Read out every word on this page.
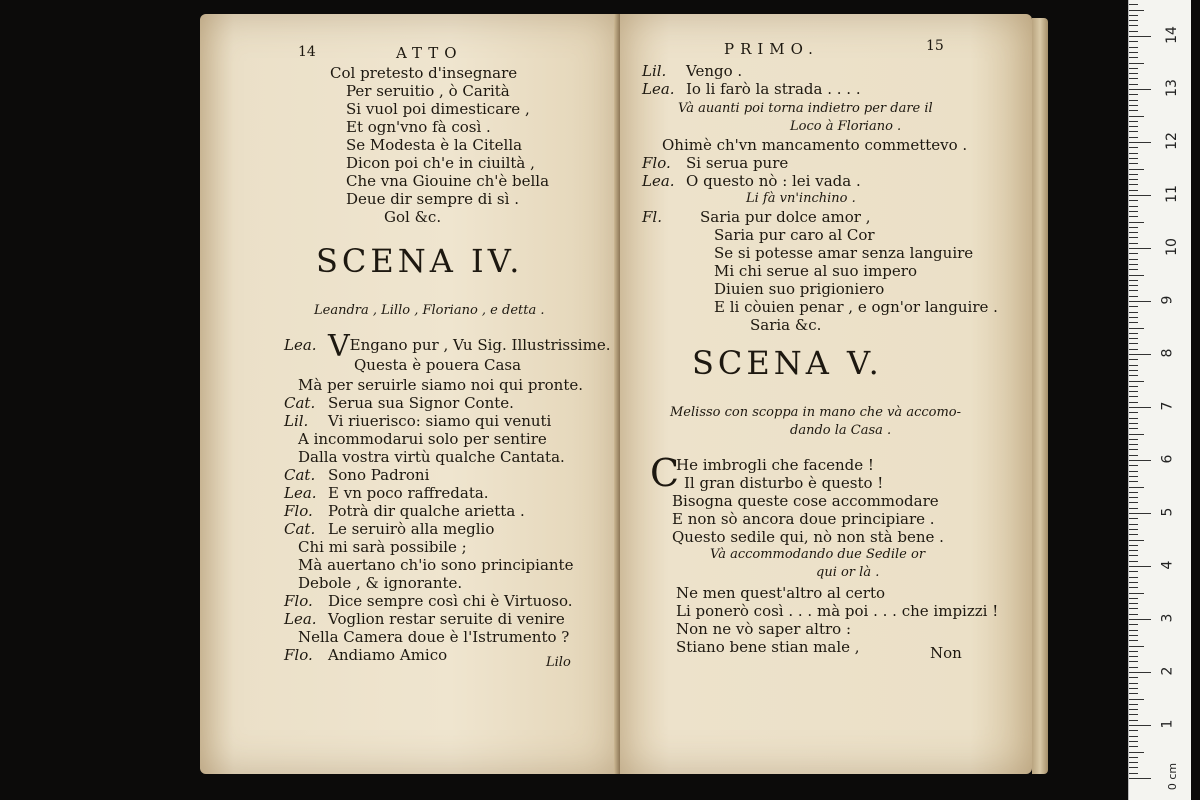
14	ATTO
Col pretesto d'insegnare
Per seruitio , ò Carità
Si vuol poi dimesticare ,
Et ogn'vno fà così .
Se Modesta è la Citella
Dicon poi ch'e in ciuiltà ,
Che vna Giouine ch'è bella
Deue dir sempre di sì .
Gol &c.
SCENA IV.
Leandra , Lillo , Floriano , e detta .
Lea. VEngano pur , Vu Sig. Illustrissime.
Questa è pouera Casa
Mà per seruirle siamo noi qui pronte.
Cat. Serua sua Signor Conte.
Lil. Vi riuerisco: siamo qui venuti
A incommodarui solo per sentire
Dalla vostra virtù qualche Cantata.
Cat. Sono Padroni
Lea. E vn poco raffredata.
Flo. Potrà dir qualche arietta .
Cat. Le seruirò alla meglio
Chi mi sarà possibile ;
Mà auertano ch'io sono principiante
Debole , & ignorante.
Flo. Dice sempre così chi è Virtuoso.
Lea. Voglion restar seruite di venire
Nella Camera doue è l'Istrumento ?
Flo. Andiamo Amico	Lilo
PRIMO.	15
Lil. Vengo .
Lea. Io li farò la strada . . . .
Và auanti poi torna indietro per dare il
Loco à Floriano .
Ohimè ch'vn mancamento commettevo .
Flo. Si serua pure
Lea. O questo nò : lei vada .
Li fà vn'inchino .
Fl.	Saria pur dolce amor ,
Saria pur caro al Cor
Se si potesse amar senza languire
Mi chi serue al suo impero
Diuien suo prigioniero
E li còuien penar , e ogn'or languire .
Saria &c.
SCENA V.
Melisso con scoppa in mano che và accomo-
dando la Casa .
C
He imbrogli che facende !
Il gran disturbo è questo !
Bisogna queste cose accommodare
E non sò ancora doue principiare .
Questo sedile qui, nò non stà bene .
Và accommodando due Sedile or
qui or là .
Ne men quest'altro al certo
Li ponerò così . . . mà poi . . . che impizzi !
Non ne vò saper altro :
Stiano bene stian male ,	Non
0 cm
1
2
3
4
5
6
7
8
9
10
11
12
13
14
